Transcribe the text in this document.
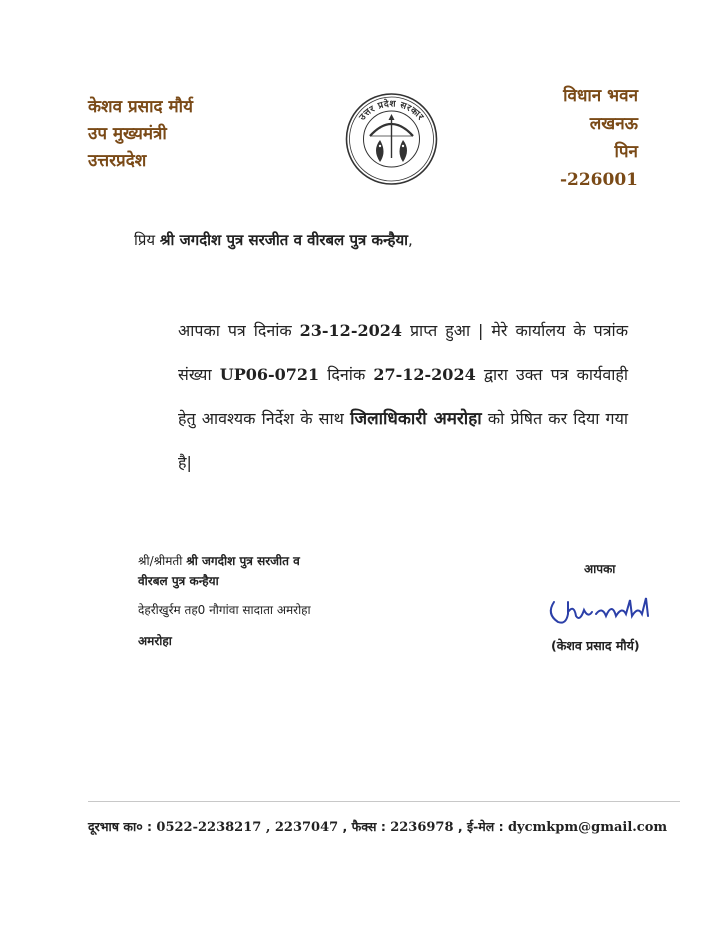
केशव प्रसाद मौर्य
उप मुख्यमंत्री
उत्तरप्रदेश
उत्तर प्रदेश सरकार
विधान भवन
लखनऊ
पिन
-226001
प्रिय श्री जगदीश पुत्र सरजीत व वीरबल पुत्र कन्हैया,
आपका पत्र दिनांक 23-12-2024 प्राप्त हुआ | मेरे कार्यालय के पत्रांक संख्या UP06-0721 दिनांक 27-12-2024 द्वारा उक्त पत्र कार्यवाही हेतु आवश्यक निर्देश के साथ जिलाधिकारी अमरोहा को प्रेषित कर दिया गया है|
श्री/श्रीमती श्री जगदीश पुत्र सरजीत व
वीरबल पुत्र कन्हैया
देहरीखुर्रम तह0 नौगांवा सादाता अमरोहा
अमरोहा
आपका
(केशव प्रसाद मौर्य)
दूरभाष का० : 0522-2238217 , 2237047 , फैक्स : 2236978 , ई-मेल : dycmkpm@gmail.com
